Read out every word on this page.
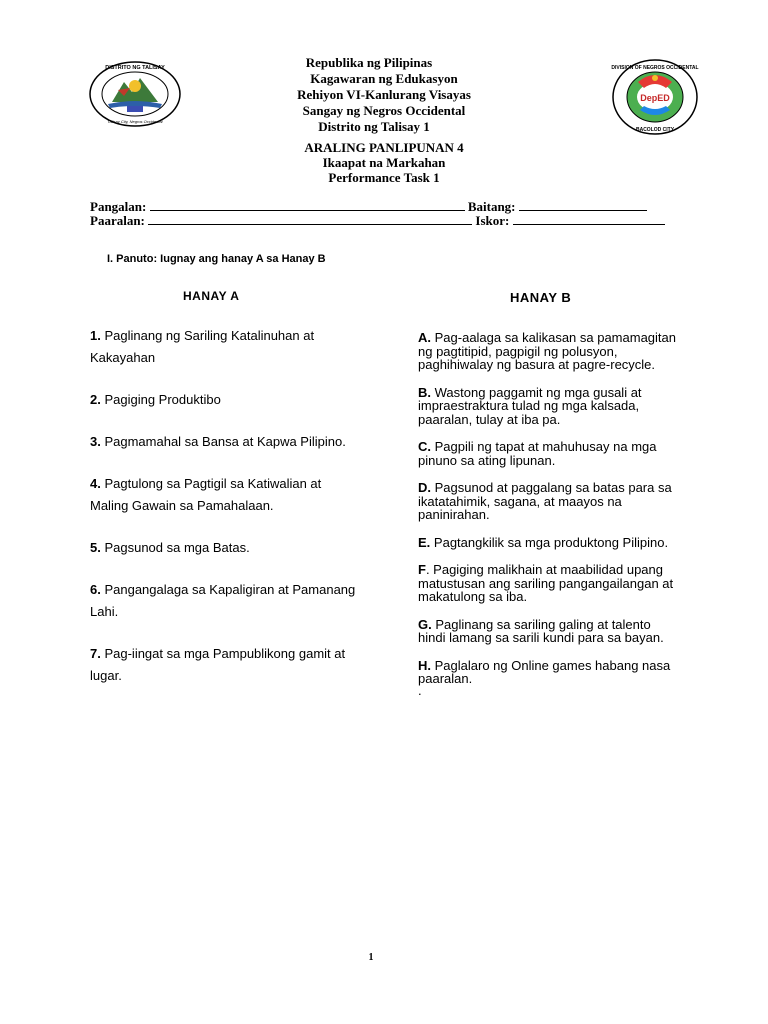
DISTRITO NG TALISAY
Talisay City, Negros Occidental
DepED
DIVISION OF NEGROS OCCIDENTAL
BACOLOD CITY
Republika ng Pilipinas
Kagawaran ng Edukasyon
Rehiyon VI-Kanlurang Visayas
Sangay ng Negros Occidental
Distrito ng Talisay 1
ARALING PANLIPUNAN 4
Ikaapat na Markahan
Performance Task 1
Pangalan:	Baitang:
Paaralan:	Iskor:
I. Panuto: Iugnay ang hanay A sa Hanay B
HANAY A	HANAY B
1. Paglinang ng Sariling Katalinuhan at Kakayahan
2. Pagiging Produktibo
3. Pagmamahal sa Bansa at Kapwa Pilipino.
4. Pagtulong sa Pagtigil sa Katiwalian at Maling Gawain sa Pamahalaan.
5. Pagsunod sa mga Batas.
6. Pangangalaga sa Kapaligiran at Pamanang Lahi.
7. Pag-iingat sa mga Pampublikong gamit at lugar.
A. Pag-aalaga sa kalikasan sa pamamagitan ng pagtitipid, pagpigil ng polusyon, paghihiwalay ng basura at pagre-recycle.
B. Wastong paggamit ng mga gusali at impraestraktura tulad ng mga kalsada, paaralan, tulay at iba pa.
C. Pagpili ng tapat at mahuhusay na mga pinuno sa ating lipunan.
D. Pagsunod at paggalang sa batas para sa ikatatahimik, sagana, at maayos na paninirahan.
E. Pagtangkilik sa mga produktong Pilipino.
F. Pagiging malikhain at maabilidad upang matustusan ang sariling pangangailangan at makatulong sa iba.
G. Paglinang sa sariling galing at talento hindi lamang sa sarili kundi para sa bayan.
H. Paglalaro ng Online games habang nasa paaralan.
.
1
